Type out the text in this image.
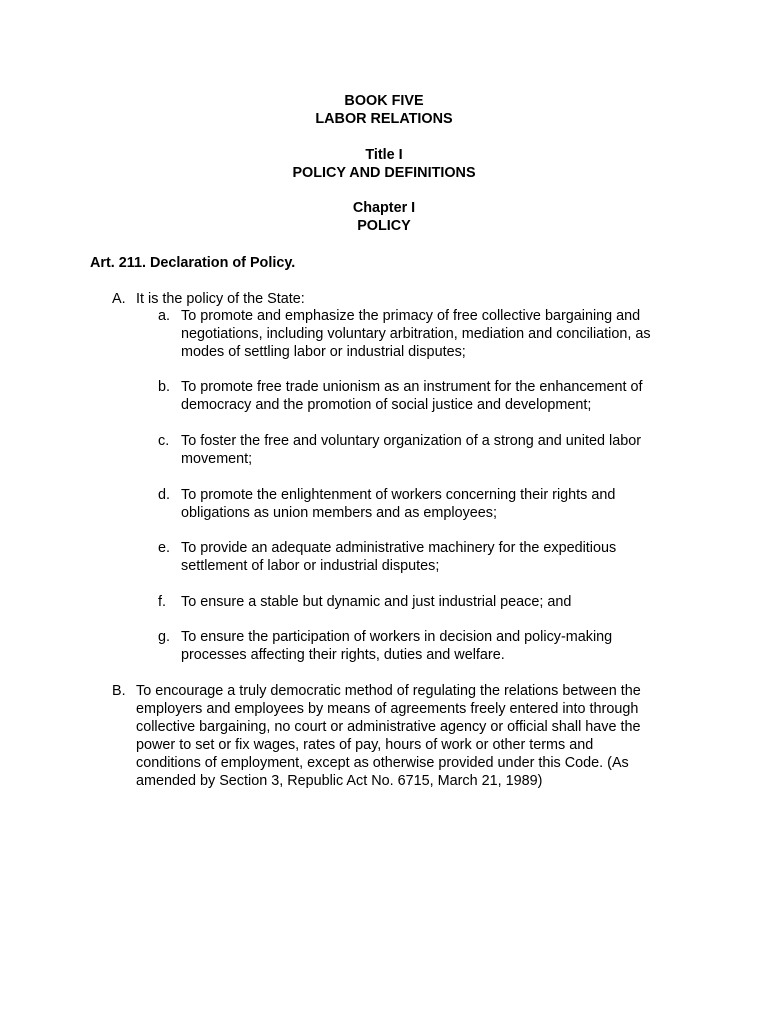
BOOK FIVE
LABOR RELATIONS
Title I
POLICY AND DEFINITIONS
Chapter I
POLICY
Art. 211. Declaration of Policy.
A. It is the policy of the State:
a. To promote and emphasize the primacy of free collective bargaining and
negotiations, including voluntary arbitration, mediation and conciliation, as
modes of settling labor or industrial disputes;
b. To promote free trade unionism as an instrument for the enhancement of
democracy and the promotion of social justice and development;
c. To foster the free and voluntary organization of a strong and united labor
movement;
d. To promote the enlightenment of workers concerning their rights and
obligations as union members and as employees;
e. To provide an adequate administrative machinery for the expeditious
settlement of labor or industrial disputes;
f. To ensure a stable but dynamic and just industrial peace; and
g. To ensure the participation of workers in decision and policy-making
processes affecting their rights, duties and welfare.
B. To encourage a truly democratic method of regulating the relations between the
employers and employees by means of agreements freely entered into through
collective bargaining, no court or administrative agency or official shall have the
power to set or fix wages, rates of pay, hours of work or other terms and
conditions of employment, except as otherwise provided under this Code. (As
amended by Section 3, Republic Act No. 6715, March 21, 1989)
